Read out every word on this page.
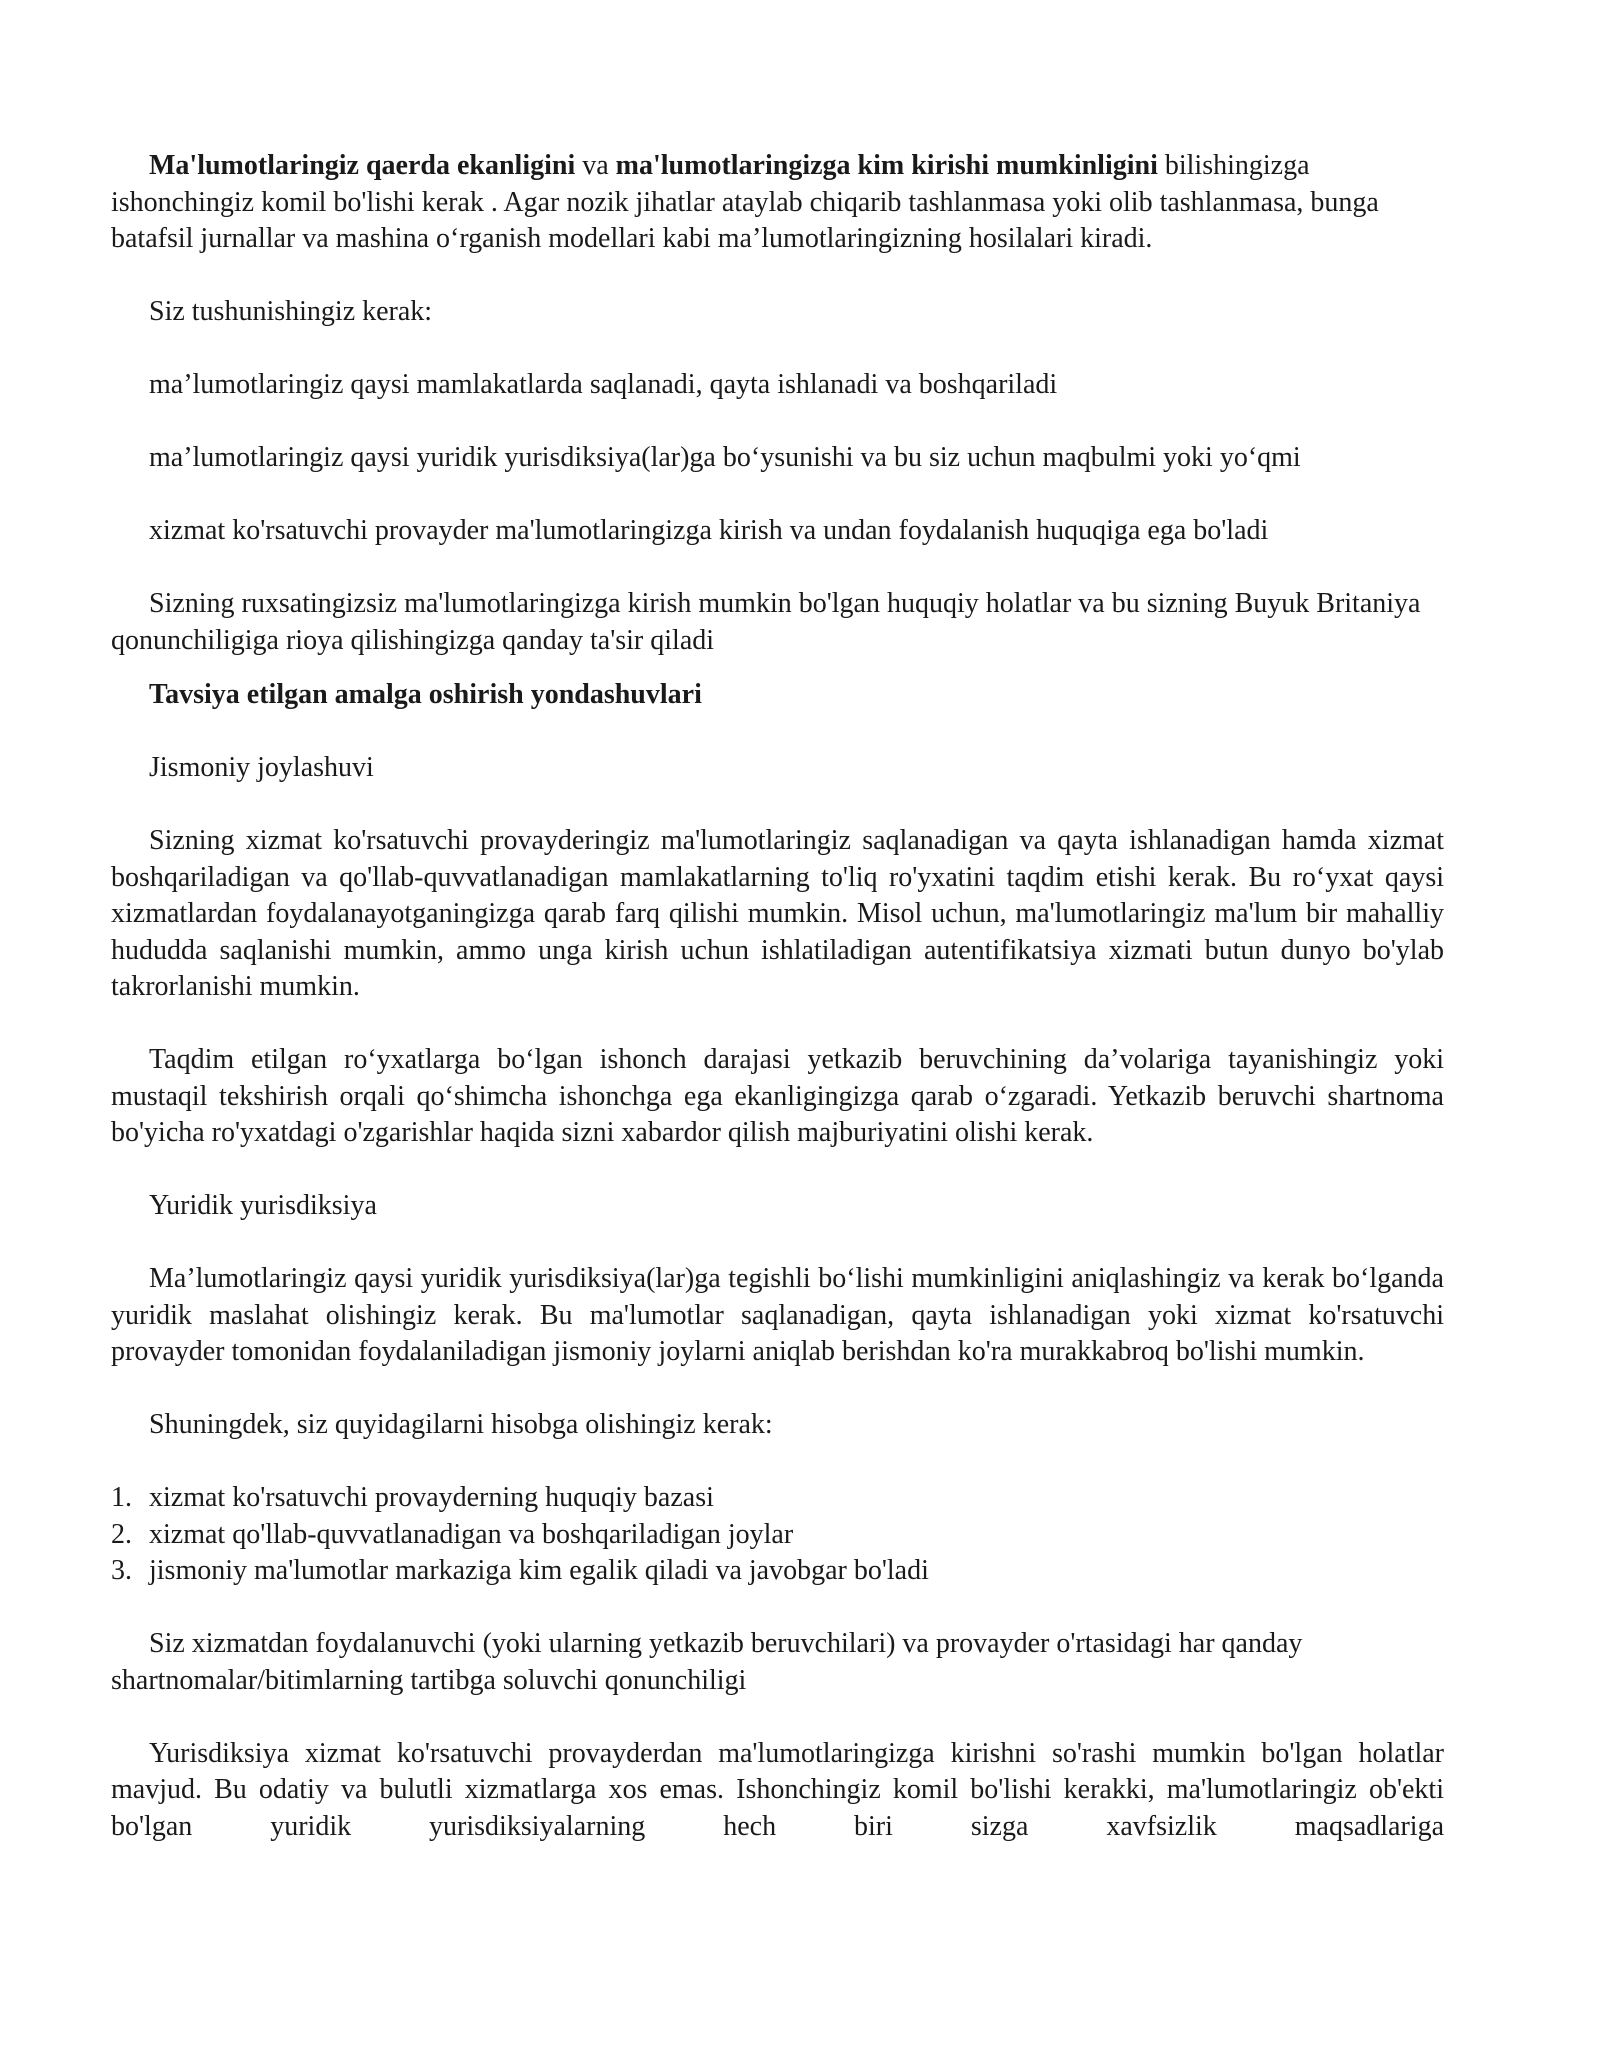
Ma'lumotlaringiz qaerda ekanligini va ma'lumotlaringizga kim kirishi mumkinligini bilishingizga ishonchingiz komil bo'lishi kerak . Agar nozik jihatlar ataylab chiqarib tashlanmasa yoki olib tashlanmasa, bunga batafsil jurnallar va mashina o‘rganish modellari kabi ma’lumotlaringizning hosilalari kiradi.

Siz tushunishingiz kerak:

ma’lumotlaringiz qaysi mamlakatlarda saqlanadi, qayta ishlanadi va boshqariladi

ma’lumotlaringiz qaysi yuridik yurisdiksiya(lar)ga bo‘ysunishi va bu siz uchun maqbulmi yoki yo‘qmi

xizmat ko'rsatuvchi provayder ma'lumotlaringizga kirish va undan foydalanish huquqiga ega bo'ladi

Sizning ruxsatingizsiz ma'lumotlaringizga kirish mumkin bo'lgan huquqiy holatlar va bu sizning Buyuk Britaniya qonunchiligiga rioya qilishingizga qanday ta'sir qiladi

Tavsiya etilgan amalga oshirish yondashuvlari

Jismoniy joylashuvi

Sizning xizmat ko'rsatuvchi provayderingiz ma'lumotlaringiz saqlanadigan va qayta ishlanadigan hamda xizmat boshqariladigan va qo'llab-quvvatlanadigan mamlakatlarning to'liq ro'yxatini taqdim etishi kerak. Bu ro‘yxat qaysi xizmatlardan foydalanayotganingizga qarab farq qilishi mumkin. Misol uchun, ma'lumotlaringiz ma'lum bir mahalliy hududda saqlanishi mumkin, ammo unga kirish uchun ishlatiladigan autentifikatsiya xizmati butun dunyo bo'ylab takrorlanishi mumkin.

Taqdim etilgan ro‘yxatlarga bo‘lgan ishonch darajasi yetkazib beruvchining da’volariga tayanishingiz yoki mustaqil tekshirish orqali qo‘shimcha ishonchga ega ekanligingizga qarab o‘zgaradi. Yetkazib beruvchi shartnoma bo'yicha ro'yxatdagi o'zgarishlar haqida sizni xabardor qilish majburiyatini olishi kerak.

Yuridik yurisdiksiya

Ma’lumotlaringiz qaysi yuridik yurisdiksiya(lar)ga tegishli bo‘lishi mumkinligini aniqlashingiz va kerak bo‘lganda yuridik maslahat olishingiz kerak. Bu ma'lumotlar saqlanadigan, qayta ishlanadigan yoki xizmat ko'rsatuvchi provayder tomonidan foydalaniladigan jismoniy joylarni aniqlab berishdan ko'ra murakkabroq bo'lishi mumkin.

Shuningdek, siz quyidagilarni hisobga olishingiz kerak:

1. xizmat ko'rsatuvchi provayderning huquqiy bazasi
2. xizmat qo'llab-quvvatlanadigan va boshqariladigan joylar
3. jismoniy ma'lumotlar markaziga kim egalik qiladi va javobgar bo'ladi

Siz xizmatdan foydalanuvchi (yoki ularning yetkazib beruvchilari) va provayder o'rtasidagi har qanday shartnomalar/bitimlarning tartibga soluvchi qonunchiligi

Yurisdiksiya xizmat ko'rsatuvchi provayderdan ma'lumotlaringizga kirishni so'rashi mumkin bo'lgan holatlar mavjud. Bu odatiy va bulutli xizmatlarga xos emas. Ishonchingiz komil bo'lishi kerakki, ma'lumotlaringiz ob'ekti bo'lgan yuridik yurisdiksiyalarning hech biri sizga xavfsizlik maqsadlariga
